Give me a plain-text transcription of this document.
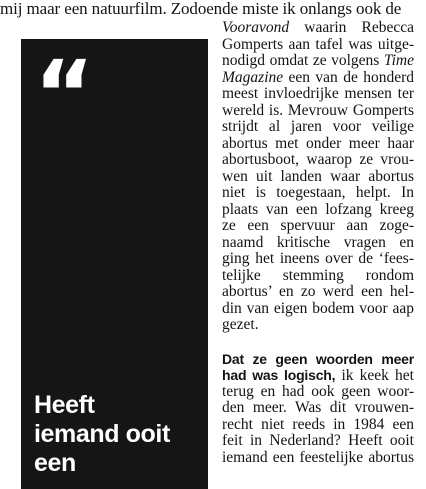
mij maar een natuurfilm. Zodoende miste ik onlangs ook de
“
Heeft
iemand ooit
een
Vooravond waarin Rebecca
Gomperts aan tafel was uitge-
nodigd omdat ze volgens Time
Magazine een van de honderd
meest invloedrijke mensen ter
wereld is. Mevrouw Gomperts
strijdt al jaren voor veilige
abortus met onder meer haar
abortusboot, waarop ze vrou-
wen uit landen waar abortus
niet is toegestaan, helpt. In
plaats van een lofzang kreeg
ze een spervuur aan zoge-
naamd kritische vragen en
ging het ineens over de ‘fees-
telijke stemming rondom
abortus’ en zo werd een hel-
din van eigen bodem voor aap
gezet.
Dat ze geen woorden meer
had was logisch, ik keek het
terug en had ook geen woor-
den meer. Was dit vrouwen-
recht niet reeds in 1984 een
feit in Nederland? Heeft ooit
iemand een feestelijke abortus
